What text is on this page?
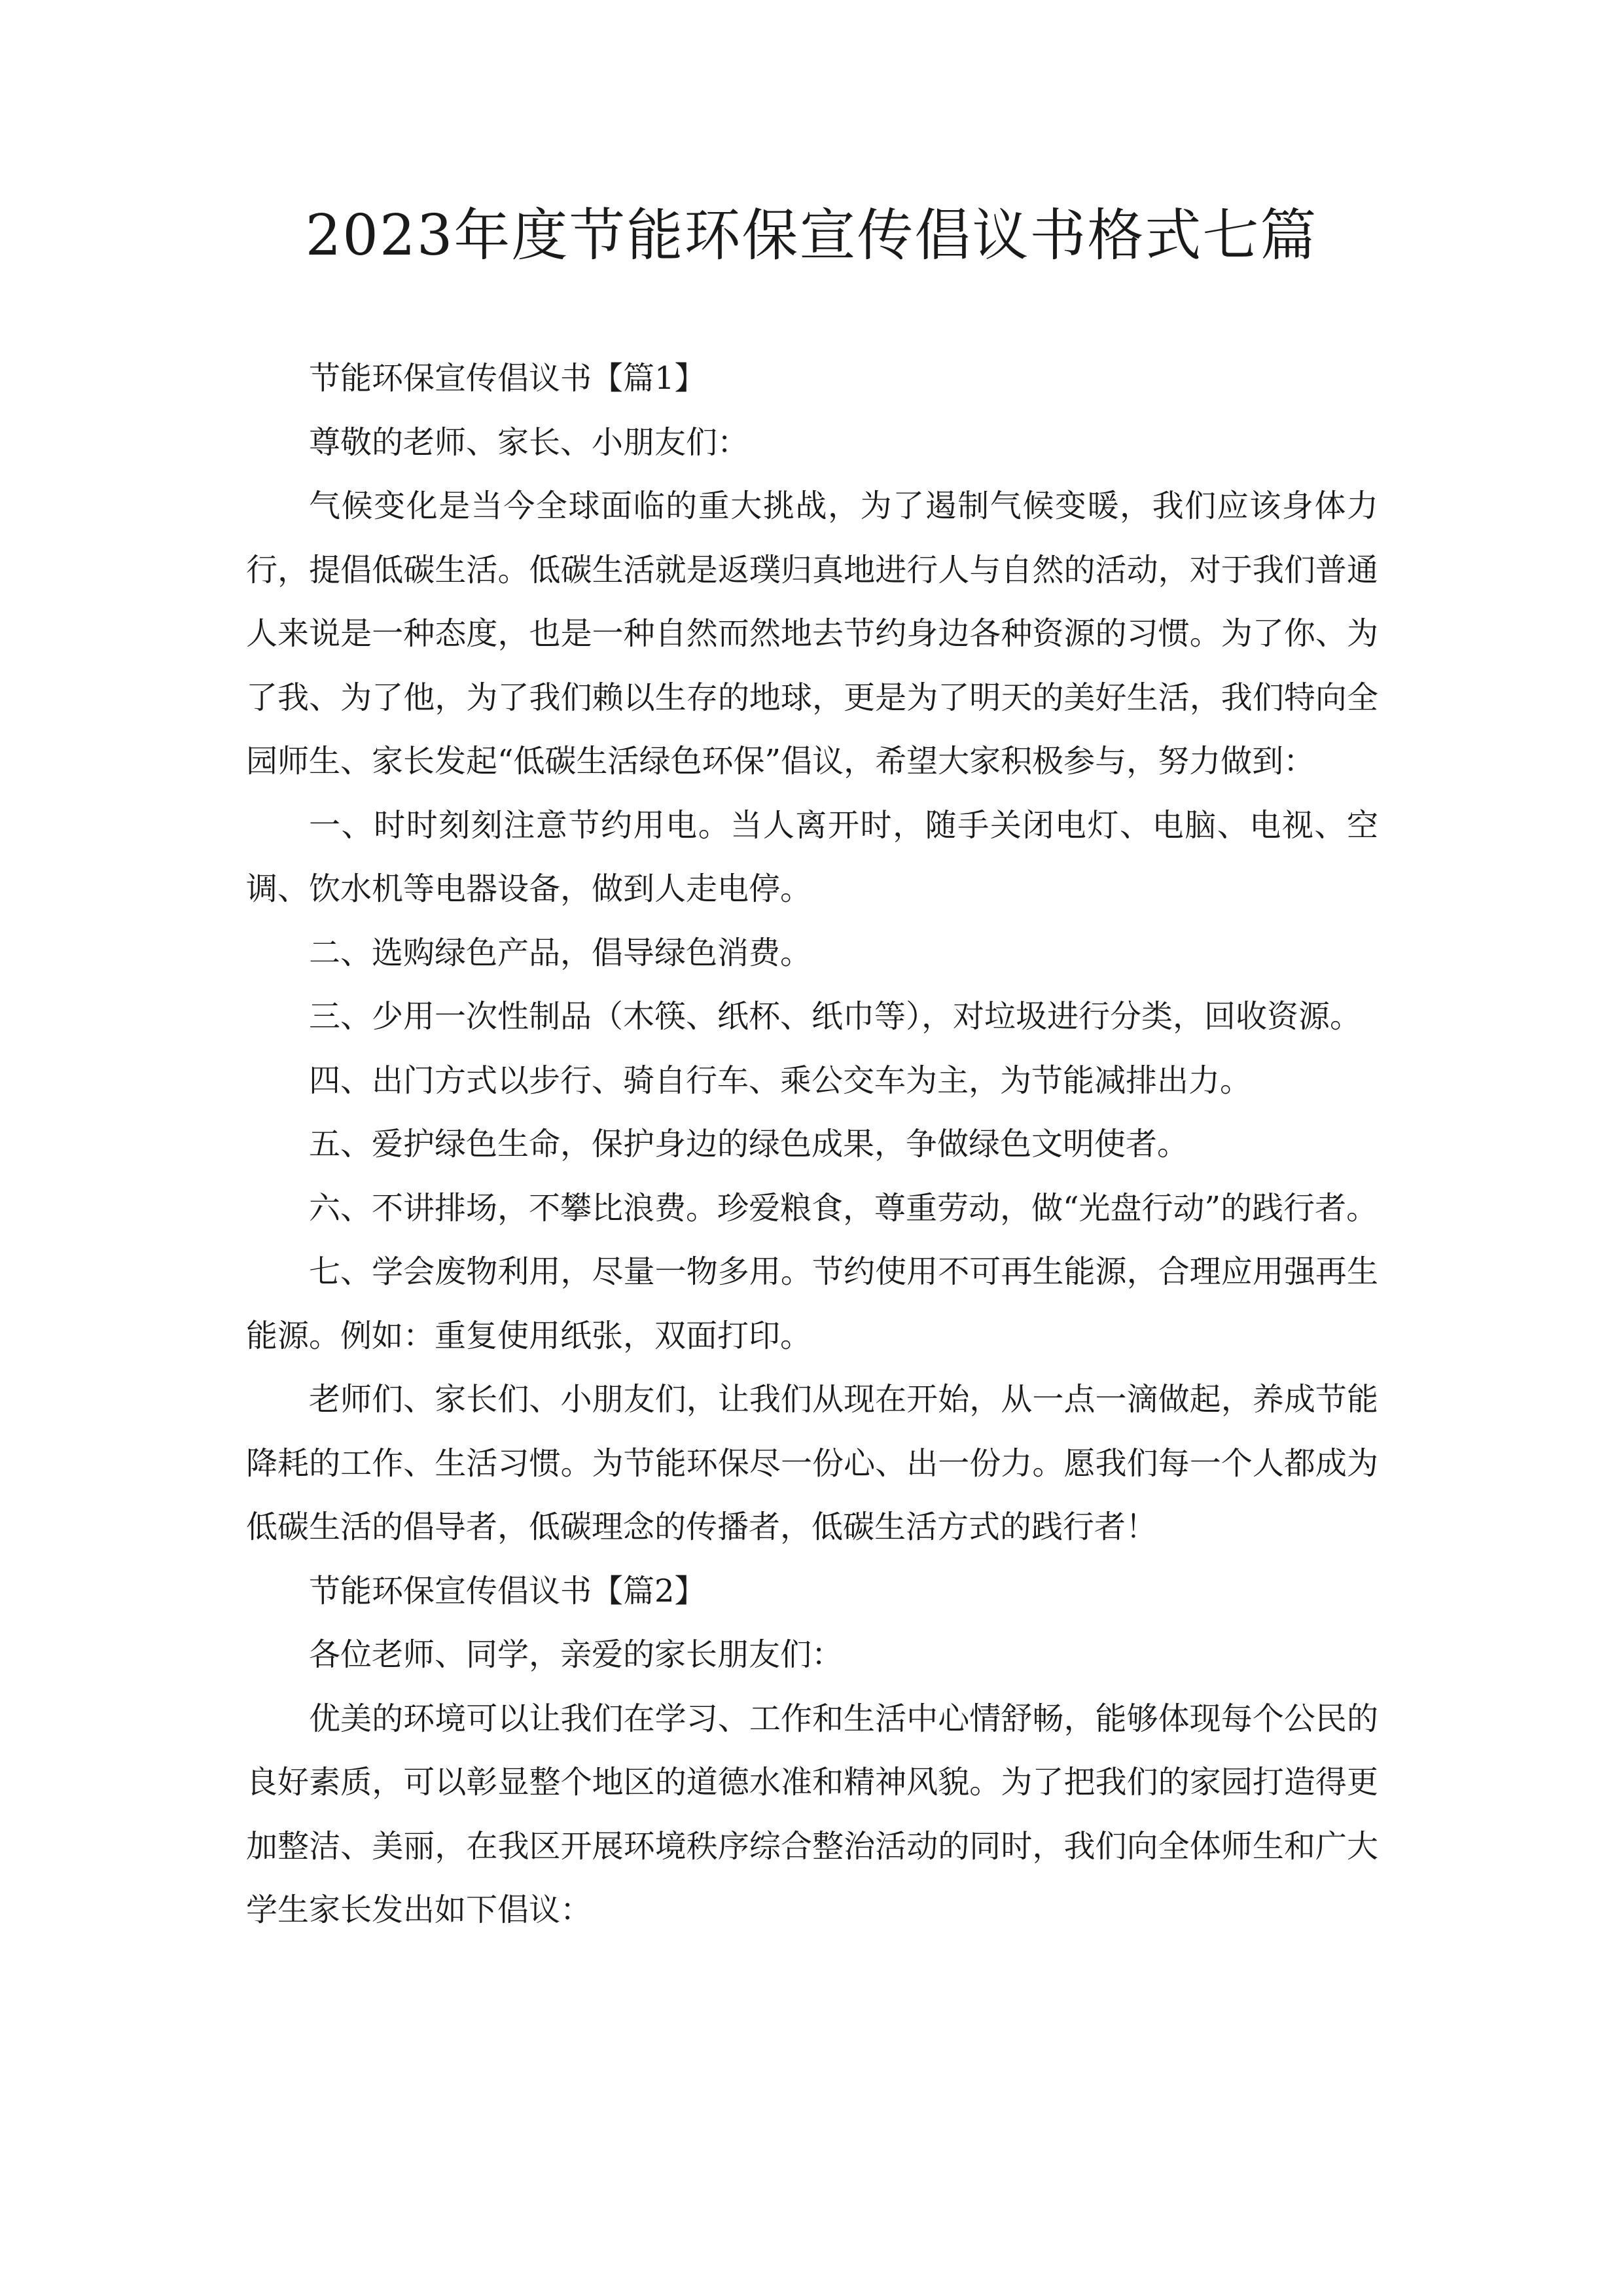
2023年度节能环保宣传倡议书格式七篇

节能环保宣传倡议书【篇1】

尊敬的老师、家长、小朋友们：

气候变化是当今全球面临的重大挑战，为了遏制气候变暖，我们应该身体力行，提倡低碳生活。低碳生活就是返璞归真地进行人与自然的活动，对于我们普通人来说是一种态度，也是一种自然而然地去节约身边各种资源的习惯。为了你、为了我、为了他，为了我们赖以生存的地球，更是为了明天的美好生活，我们特向全园师生、家长发起“低碳生活绿色环保”倡议，希望大家积极参与，努力做到：

一、时时刻刻注意节约用电。当人离开时，随手关闭电灯、电脑、电视、空调、饮水机等电器设备，做到人走电停。

二、选购绿色产品，倡导绿色消费。

三、少用一次性制品（木筷、纸杯、纸巾等），对垃圾进行分类，回收资源。

四、出门方式以步行、骑自行车、乘公交车为主，为节能减排出力。

五、爱护绿色生命，保护身边的绿色成果，争做绿色文明使者。

六、不讲排场，不攀比浪费。珍爱粮食，尊重劳动，做“光盘行动”的践行者。

七、学会废物利用，尽量一物多用。节约使用不可再生能源，合理应用强再生能源。例如：重复使用纸张，双面打印。

老师们、家长们、小朋友们，让我们从现在开始，从一点一滴做起，养成节能降耗的工作、生活习惯。为节能环保尽一份心、出一份力。愿我们每一个人都成为低碳生活的倡导者，低碳理念的传播者，低碳生活方式的践行者！

节能环保宣传倡议书【篇2】

各位老师、同学，亲爱的家长朋友们：

优美的环境可以让我们在学习、工作和生活中心情舒畅，能够体现每个公民的良好素质，可以彰显整个地区的道德水准和精神风貌。为了把我们的家园打造得更加整洁、美丽，在我区开展环境秩序综合整治活动的同时，我们向全体师生和广大学生家长发出如下倡议：
